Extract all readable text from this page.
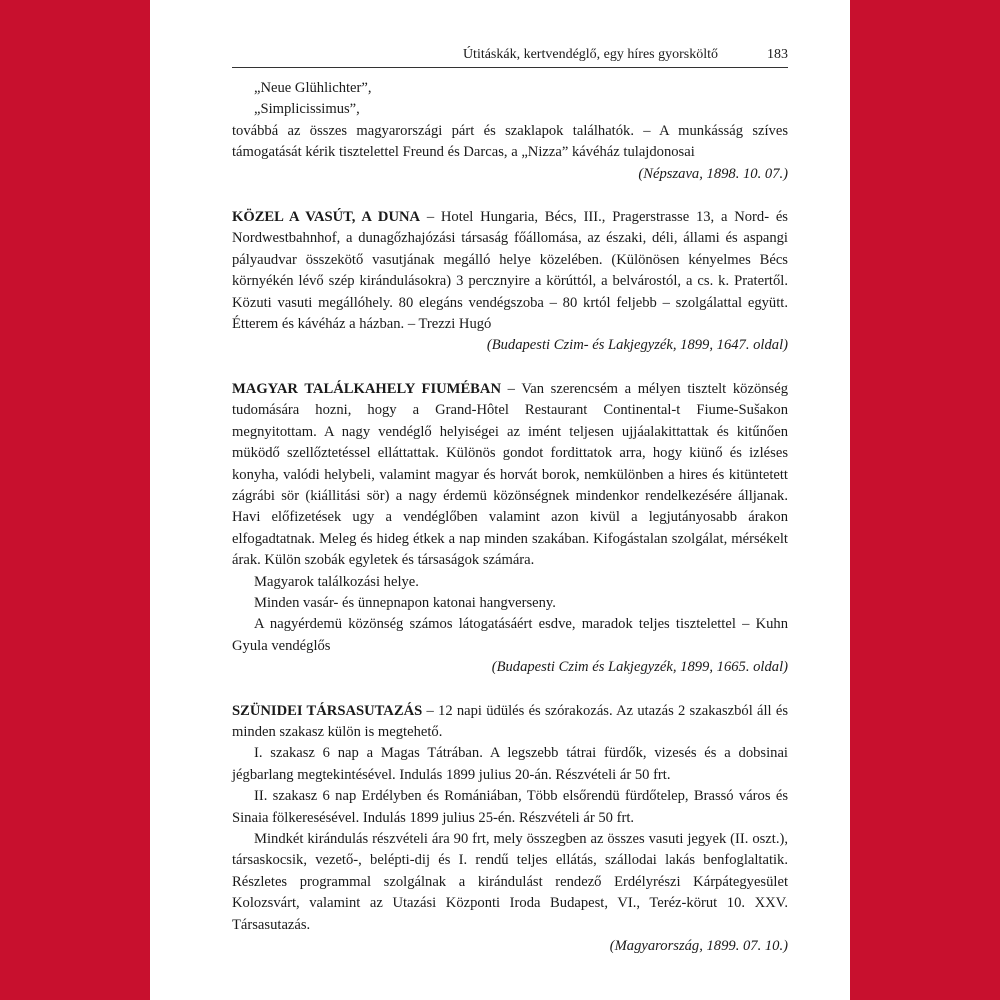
Útitáskák, kertvendéglő, egy híres gyorsköltő	183

„Neue Glühlichter”,

„Simplicissimus”,

továbbá az összes magyarországi párt és szaklapok találhatók. – A munkásság szíves támogatását kérik tisztelettel Freund és Darcas, a „Nizza” kávéház tulajdonosai

(Népszava, 1898. 10. 07.)

KÖZEL A VASÚT, A DUNA – Hotel Hungaria, Bécs, III., Pragerstrasse 13, a Nord- és Nordwestbahnhof, a dunagőzhajózási társaság főállomása, az északi, déli, állami és aspangi pályaudvar összekötő vasutjának megálló helye közelében. (Különösen kényelmes Bécs környékén lévő szép kirándulásokra) 3 percznyire a körúttól, a belvárostól, a cs. k. Pratertől. Közuti vasuti megállóhely. 80 elegáns vendégszoba – 80 krtól feljebb – szolgálattal együtt. Étterem és kávéház a házban. – Trezzi Hugó

(Budapesti Czim- és Lakjegyzék, 1899, 1647. oldal)

MAGYAR TALÁLKAHELY FIUMÉBAN – Van szerencsém a mélyen tisztelt közönség tudomására hozni, hogy a Grand-Hôtel Restaurant Continental-t Fiume-Sušakon megnyitottam. A nagy vendéglő helyiségei az imént teljesen ujjáalakittattak és kitűnően müködő szellőztetéssel elláttattak. Különös gondot fordittatok arra, hogy kiünő és izléses konyha, valódi helybeli, valamint magyar és horvát borok, nemkülönben a hires és kitüntetett zágrábi sör (kiállitási sör) a nagy érdemü közönségnek mindenkor rendelkezésére álljanak. Havi előfizetések ugy a vendéglőben valamint azon kivül a legjutányosabb árakon elfogadtatnak. Meleg és hideg étkek a nap minden szakában. Kifogástalan szolgálat, mérsékelt árak. Külön szobák egyletek és társaságok számára.

Magyarok találkozási helye.

Minden vasár- és ünnepnapon katonai hangverseny.

A nagyérdemü közönség számos látogatásáért esdve, maradok teljes tisztelettel – Kuhn Gyula vendéglős

(Budapesti Czim és Lakjegyzék, 1899, 1665. oldal)

SZÜNIDEI TÁRSASUTAZÁS – 12 napi üdülés és szórakozás. Az utazás 2 szakaszból áll és minden szakasz külön is megtehető.

I. szakasz 6 nap a Magas Tátrában. A legszebb tátrai fürdők, vizesés és a dobsinai jégbarlang megtekintésével. Indulás 1899 julius 20-án. Részvételi ár 50 frt.

II. szakasz 6 nap Erdélyben és Romániában, Több elsőrendü fürdőtelep, Brassó város és Sinaia fölkeresésével. Indulás 1899 julius 25-én. Részvételi ár 50 frt.

Mindkét kirándulás részvételi ára 90 frt, mely összegben az összes vasuti jegyek (II. oszt.), társaskocsik, vezető-, belépti-dij és I. rendű teljes ellátás, szállodai lakás benfoglaltatik. Részletes programmal szolgálnak a kirándulást rendező Erdélyrészi Kárpátegyesület Kolozsvárt, valamint az Utazási Központi Iroda Budapest, VI., Teréz-körut 10. XXV. Társasutazás.

(Magyarország, 1899. 07. 10.)
